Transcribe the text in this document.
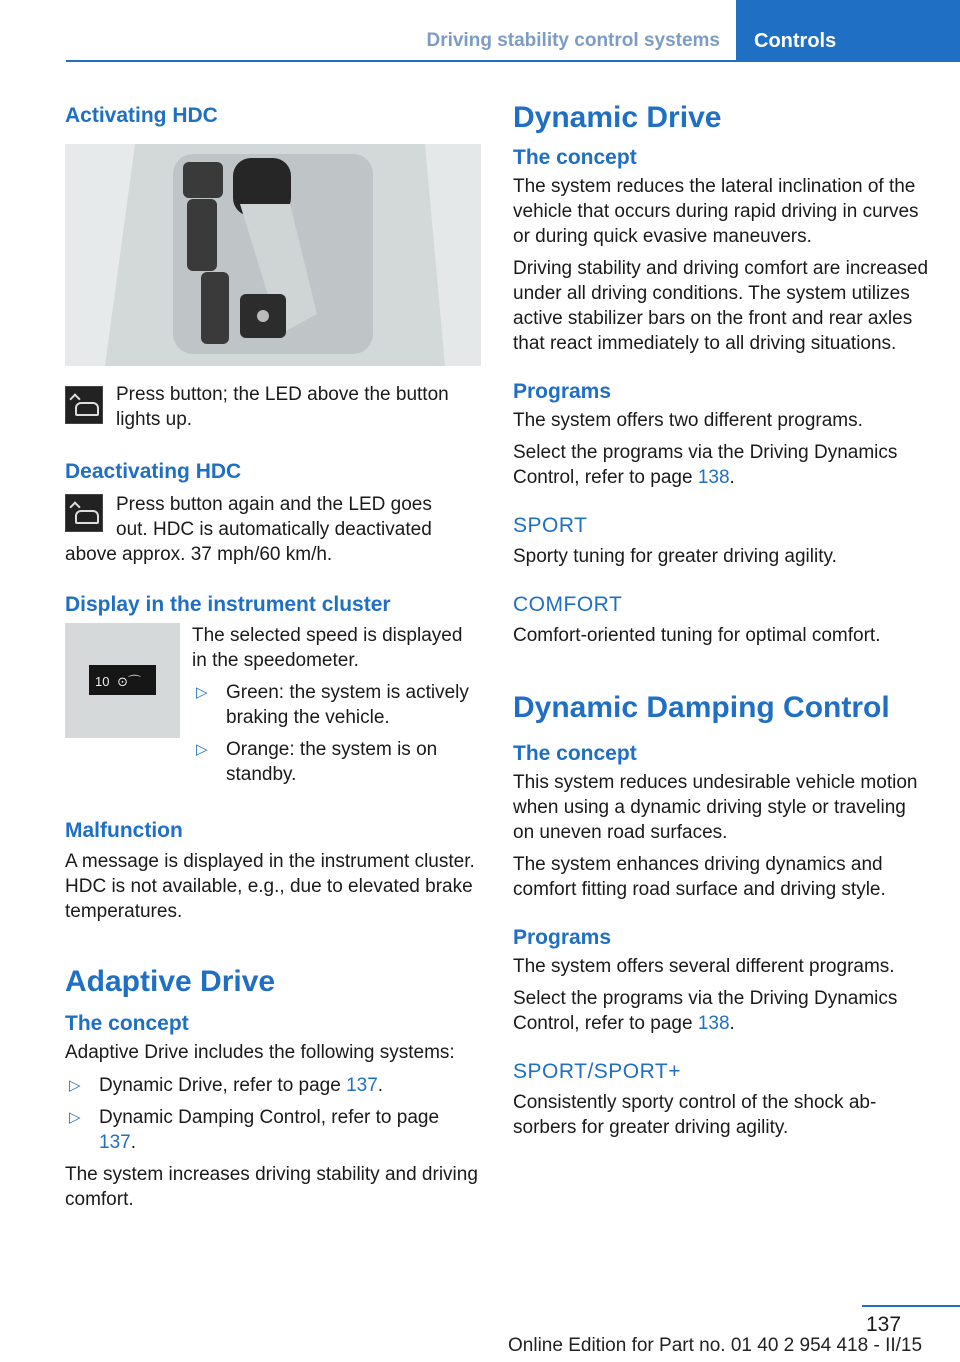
Driving stability control systems	Controls
Activating HDC

Press button; the LED above the button lights up.

Deactivating HDC

Press button again and the LED goes

out. HDC is automatically deactivated

above approx. 37 mph/60 km/h.

Display in the instrument cluster
10 ⊙⌒

The selected speed is displayed in the speedometer.

▷ Green: the system is actively braking the vehicle.
▷ Orange: the system is on standby.
Malfunction

A message is displayed in the instrument cluster. HDC is not available, e.g., due to elevated brake temperatures.

Adaptive Drive
The concept

Adaptive Drive includes the following systems:

▷ Dynamic Drive, refer to page 137.
▷ Dynamic Damping Control, refer to page 137.

The system increases driving stability and driving comfort.

Dynamic Drive
The concept

The system reduces the lateral inclination of the vehicle that occurs during rapid driving in curves or during quick evasive maneuvers.

Driving stability and driving comfort are increased under all driving conditions. The system utilizes active stabilizer bars on the front and rear axles that react immediately to all driving situations.

Programs

The system offers two different programs.

Select the programs via the Driving Dynamics Control, refer to page 138.

SPORT

Sporty tuning for greater driving agility.

COMFORT

Comfort-oriented tuning for optimal comfort.

Dynamic Damping Control
The concept

This system reduces undesirable vehicle motion when using a dynamic driving style or traveling on uneven road surfaces.

The system enhances driving dynamics and comfort fitting road surface and driving style.

Programs

The system offers several different programs.

Select the programs via the Driving Dynamics Control, refer to page 138.

SPORT/SPORT+

Consistently sporty control of the shock absorbers for greater driving agility.

137
Online Edition for Part no. 01 40 2 954 418 - II/15
